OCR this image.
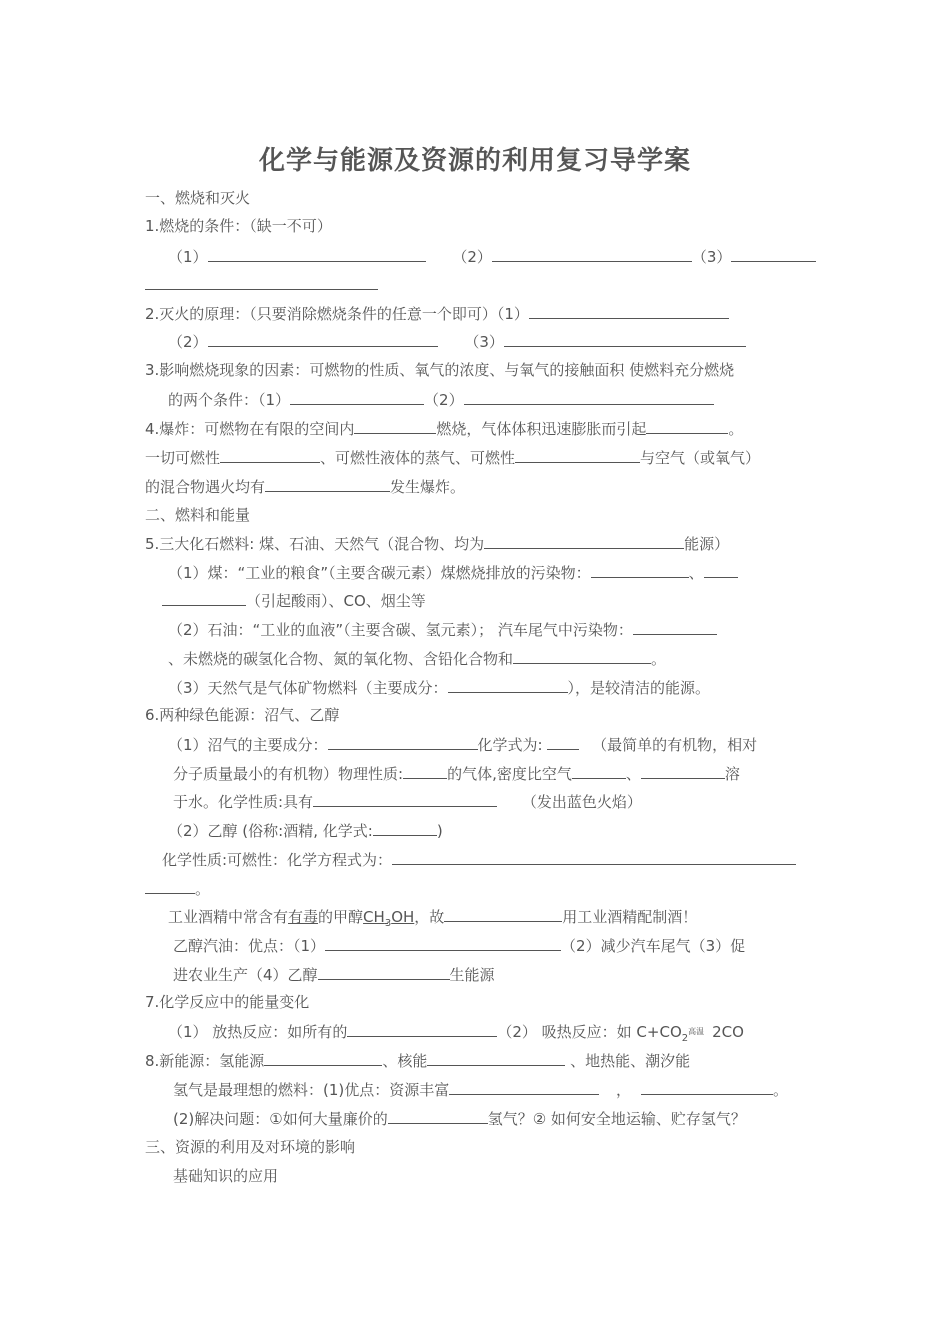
化学与能源及资源的利用复习导学案
一、燃烧和灭火
1.燃烧的条件：（缺一不可）
（1）	（2）	（3）
2.灭火的原理：（只要消除燃烧条件的任意一个即可）（1）
（2）	（3）
3.影响燃烧现象的因素：可燃物的性质、氧气的浓度、与氧气的接触面积 使燃料充分燃烧
的两个条件：（1）	（2）
4.爆炸：可燃物在有限的空间内	燃烧，气体体积迅速膨胀而引起	。
一切可燃性	、可燃性液体的蒸气、可燃性	与空气（或氧气）
的混合物遇火均有	发生爆炸。
二、燃料和能量
5.三大化石燃料: 煤、石油、天然气（混合物、均为	能源）
（1）煤：“工业的粮食”（主要含碳元素）煤燃烧排放的污染物：	、
（引起酸雨）、CO、烟尘等
（2）石油：“工业的血液”（主要含碳、氢元素）； 汽车尾气中污染物：
、未燃烧的碳氢化合物、氮的氧化物、含铅化合物和	。
（3）天然气是气体矿物燃料（主要成分：	），是较清洁的能源。
6.两种绿色能源：沼气、乙醇
（1）沼气的主要成分：	化学式为:	（最简单的有机物，相对
分子质量最小的有机物）物理性质:	的气体,密度比空气	、	溶
于水。化学性质:具有	（发出蓝色火焰）
（2）乙醇 (俗称:酒精, 化学式:	)
化学性质:可燃性：化学方程式为：
。
工业酒精中常含有有毒的甲醇$CH_3OH$，故	用工业酒精配制酒！
乙醇汽油：优点：（1）	（2）减少汽车尾气（3）促
进农业生产（4）乙醇	生能源
7.化学反应中的能量变化
（1） 放热反应：如所有的	（2） 吸热反应：如 $C+CO_2$
高温 2CO
8.新能源：氢能源	、核能	、地热能、潮汐能
氢气是最理想的燃料：(1)优点：资源丰富	，	。
(2)解决问题：①如何大量廉价的	氢气？② 如何安全地运输、贮存氢气？
三、资源的利用及对环境的影响
基础知识的应用
